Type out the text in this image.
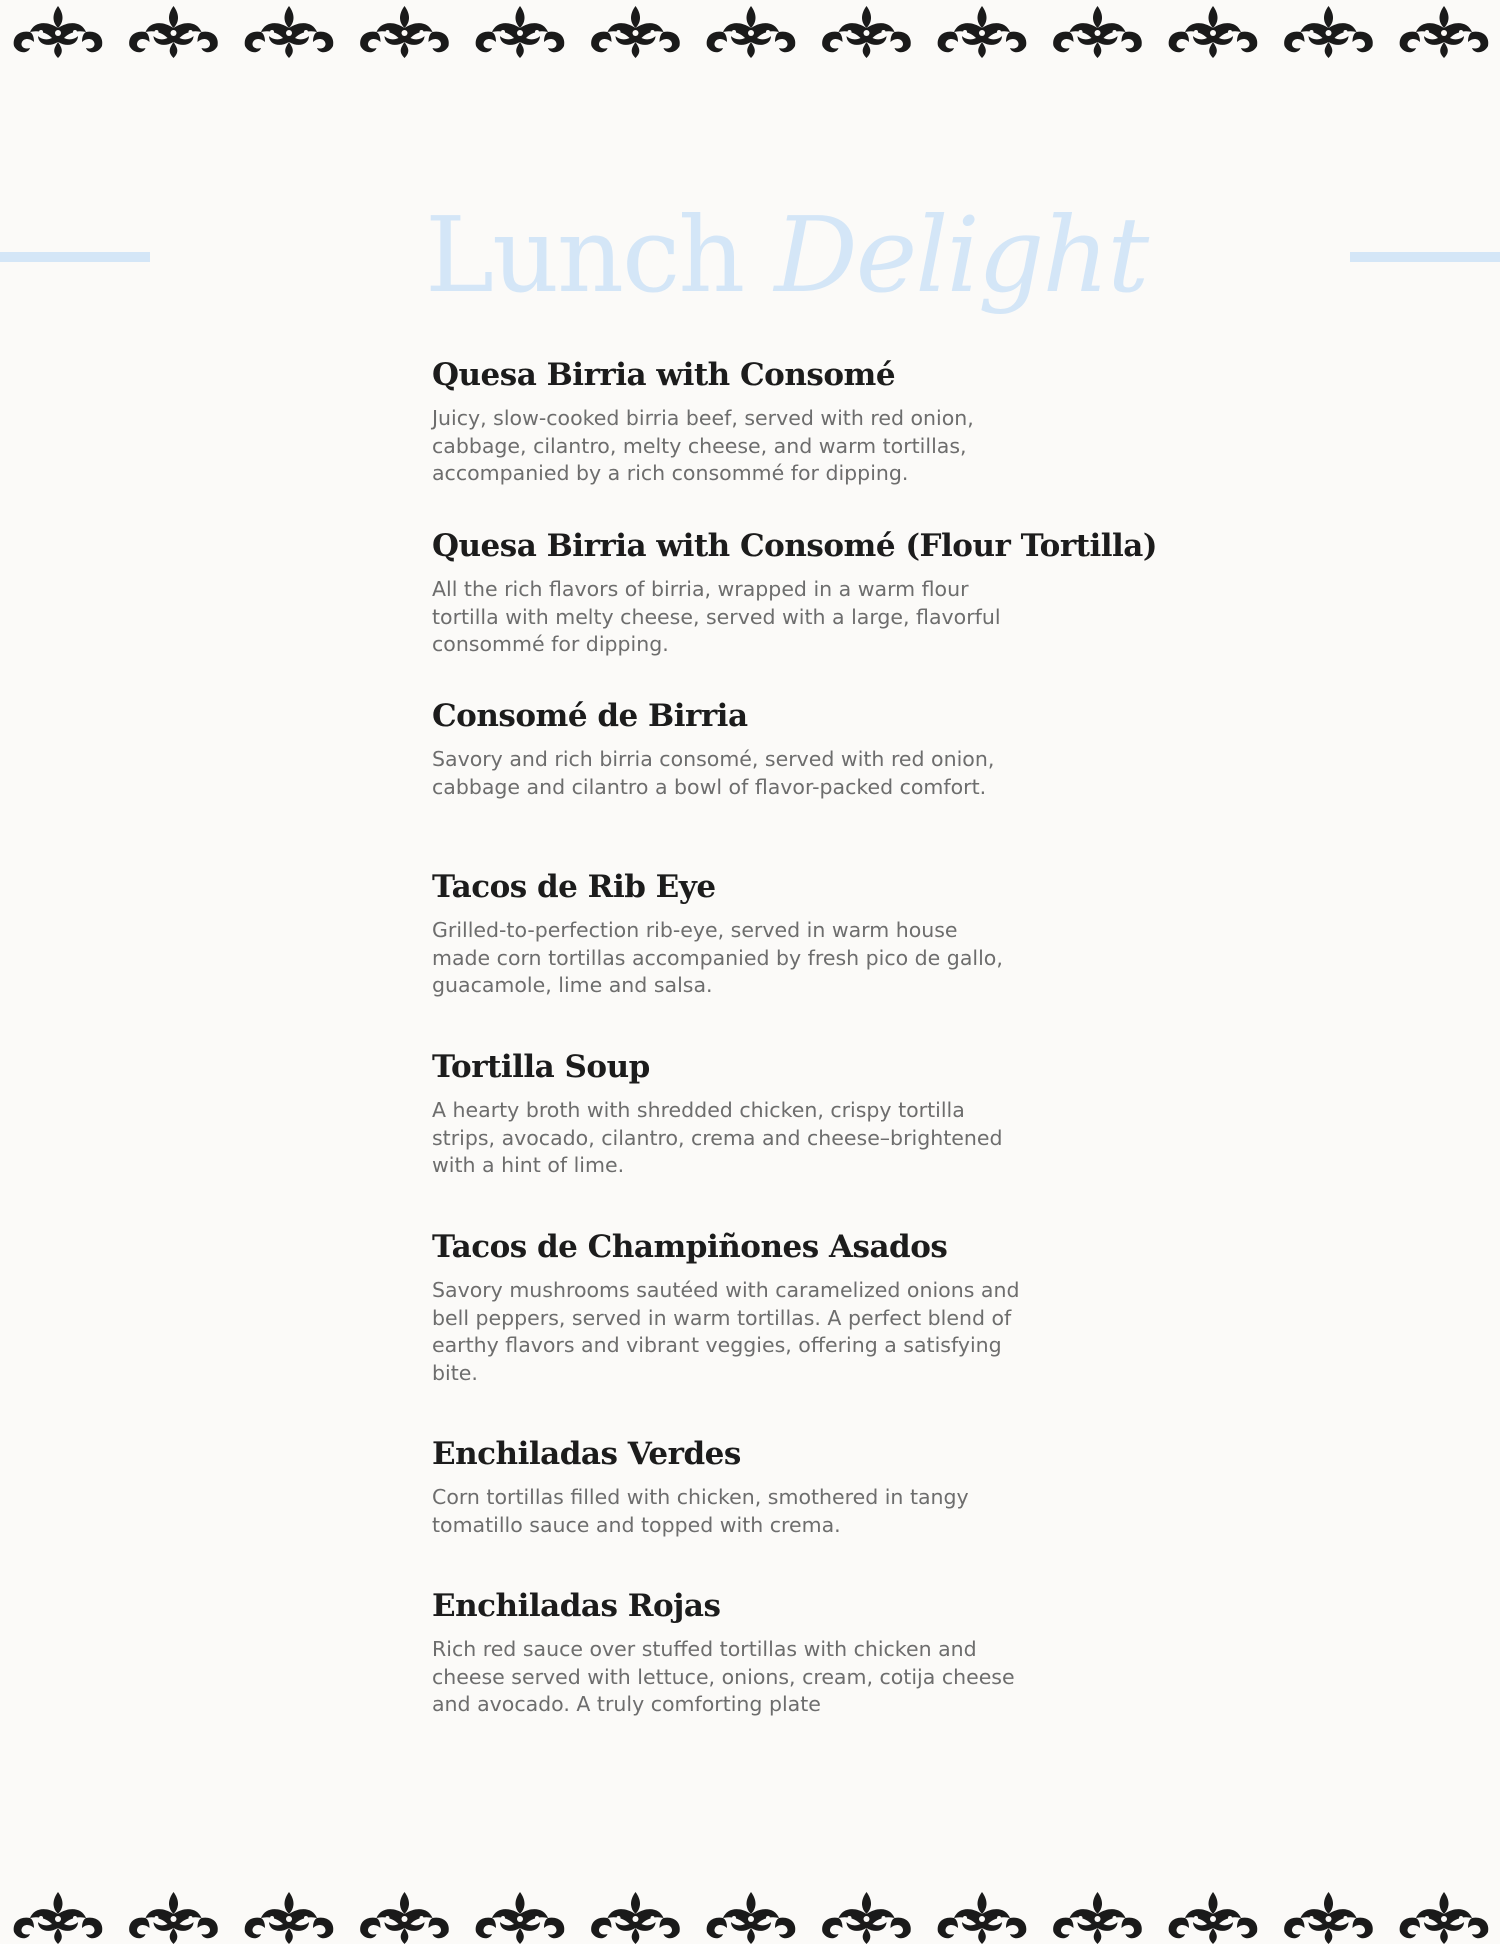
Lunch Delight
Quesa Birria with Consomé

Juicy, slow-cooked birria beef, served with red onion, cabbage, cilantro, melty cheese, and warm tortillas, accompanied by a rich consommé for dipping.

Quesa Birria with Consomé (Flour Tortilla)

All the rich flavors of birria, wrapped in a warm flour tortilla with melty cheese, served with a large, flavorful consommé for dipping.

Consomé de Birria

Savory and rich birria consomé, served with red onion, cabbage and cilantro a bowl of flavor-packed comfort.

Tacos de Rib Eye

Grilled-to-perfection rib-eye, served in warm house made corn tortillas accompanied by fresh pico de gallo, guacamole, lime and salsa.

Tortilla Soup

A hearty broth with shredded chicken, crispy tortilla strips, avocado, cilantro, crema and cheese–brightened with a hint of lime.

Tacos de Champiñones Asados

Savory mushrooms sautéed with caramelized onions and bell peppers, served in warm tortillas. A perfect blend of earthy flavors and vibrant veggies, offering a satisfying bite.

Enchiladas Verdes

Corn tortillas filled with chicken, smothered in tangy tomatillo sauce and topped with crema.

Enchiladas Rojas

Rich red sauce over stuffed tortillas with chicken and cheese served with lettuce, onions, cream, cotija cheese and avocado. A truly comforting plate
